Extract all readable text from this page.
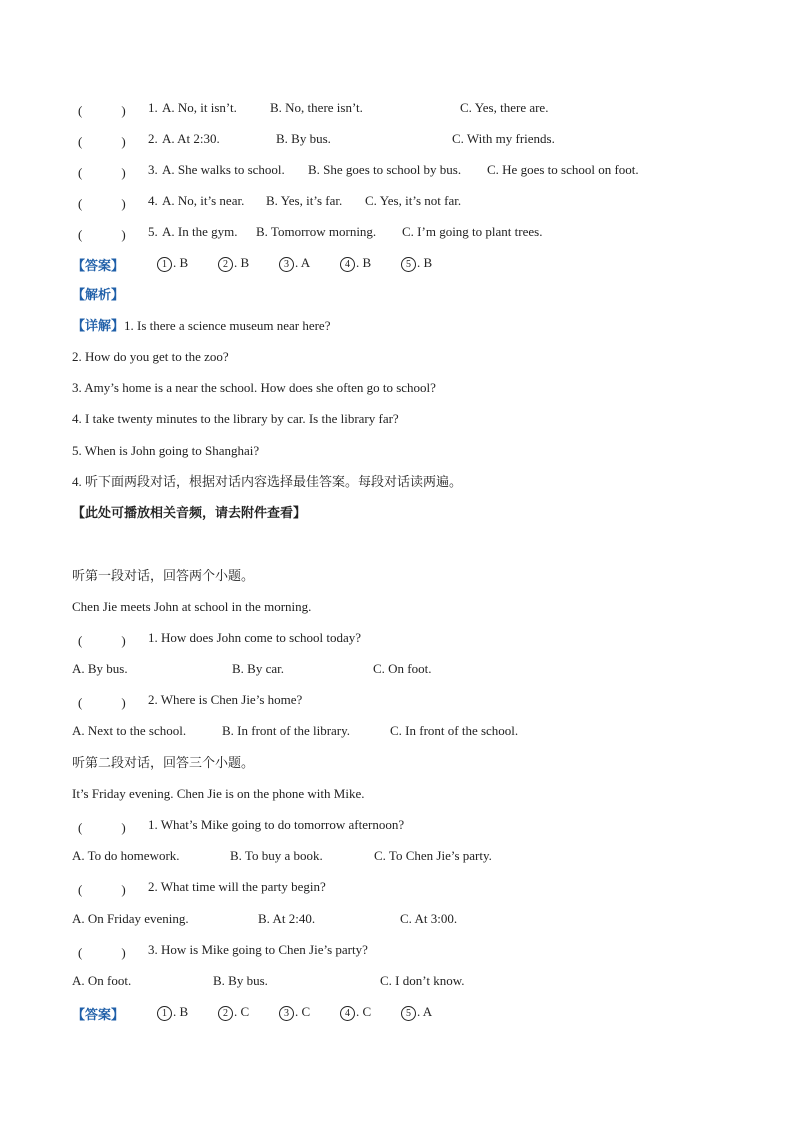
(　　　) 1. A. No, it isn’t.	B. No, there isn’t.	C. Yes, there are.
(　　　) 2. A. At 2:30.	B. By bus.	C. With my friends.
(　　　) 3. A. She walks to school. B. She goes to school by bus. C. He goes to school on foot.
(　　　) 4. A. No, it’s near. B. Yes, it’s far. C. Yes, it’s not far.
(　　　) 5. A. In the gym. B. Tomorrow morning. C. I’m going to plant trees.
【答案】	1 . B	2 . B	3 . A	4 . B	5 . B
【解析】
【详解】1. Is there a science museum near here?
2. How do you get to the zoo?
3. Amy’s home is a near the school. How does she often go to school?
4. I take twenty minutes to the library by car. Is the library far?
5. When is John going to Shanghai?
4. 听下面两段对话，根据对话内容选择最佳答案。每段对话读两遍。
【此处可播放相关音频，请去附件查看】
听第一段对话，回答两个小题。
Chen Jie meets John at school in the morning.
(　　　) 1. How does John come to school today?
A. By bus.	B. By car.	C. On foot.
(　　　) 2. Where is Chen Jie’s home?
A. Next to the school.	B. In front of the library.	C. In front of the school.
听第二段对话，回答三个小题。
It’s Friday evening. Chen Jie is on the phone with Mike.
(　　　) 1. What’s Mike going to do tomorrow afternoon?
A. To do homework.	B. To buy a book.	C. To Chen Jie’s party.
(　　　) 2. What time will the party begin?
A. On Friday evening.	B. At 2:40.	C. At 3:00.
(　　　) 3. How is Mike going to Chen Jie’s party?
A. On foot.	B. By bus.	C. I don’t know.
【答案】	1 . B	2 . C	3 . C	4 . C	5 . A
